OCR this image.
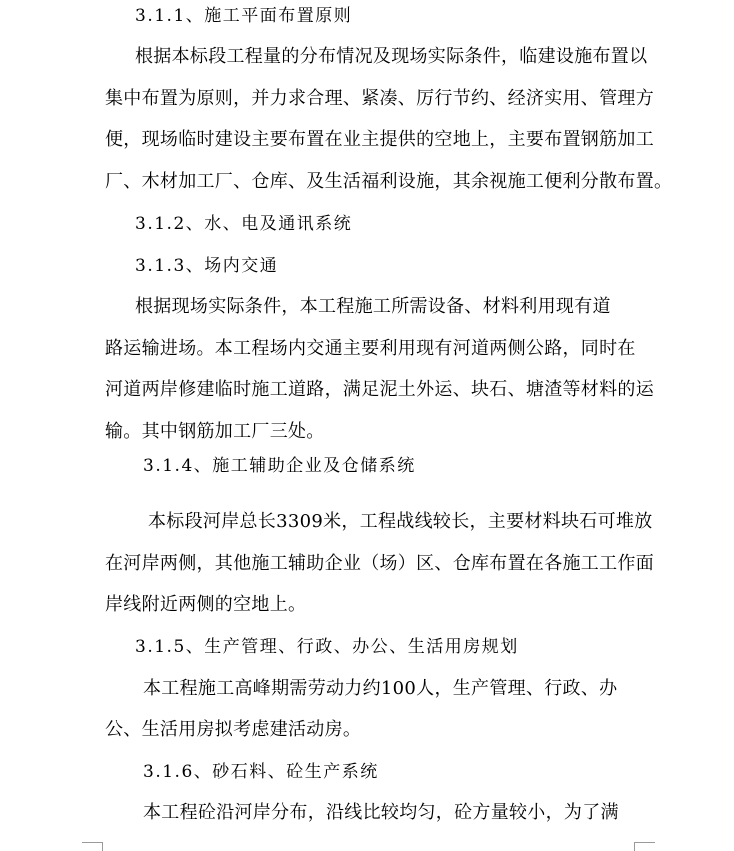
3.1.1、施工平面布置原则
根据本标段工程量的分布情况及现场实际条件，临建设施布置以
集中布置为原则，并力求合理、紧凑、厉行节约、经济实用、管理方
便，现场临时建设主要布置在业主提供的空地上，主要布置钢筋加工
厂、木材加工厂、仓库、及生活福利设施，其余视施工便利分散布置。
3.1.2、水、电及通讯系统
3.1.3、场内交通
根据现场实际条件，本工程施工所需设备、材料利用现有道
路运输进场。本工程场内交通主要利用现有河道两侧公路，同时在
河道两岸修建临时施工道路，满足泥土外运、块石、塘渣等材料的运
输。其中钢筋加工厂三处。
3.1.4、施工辅助企业及仓储系统
本标段河岸总长3309米，工程战线较长，主要材料块石可堆放
在河岸两侧，其他施工辅助企业（场）区、仓库布置在各施工工作面
岸线附近两侧的空地上。
3.1.5、生产管理、行政、办公、生活用房规划
本工程施工高峰期需劳动力约100人，生产管理、行政、办
公、生活用房拟考虑建活动房。
3.1.6、砂石料、砼生产系统
本工程砼沿河岸分布，沿线比较均匀，砼方量较小，为了满
